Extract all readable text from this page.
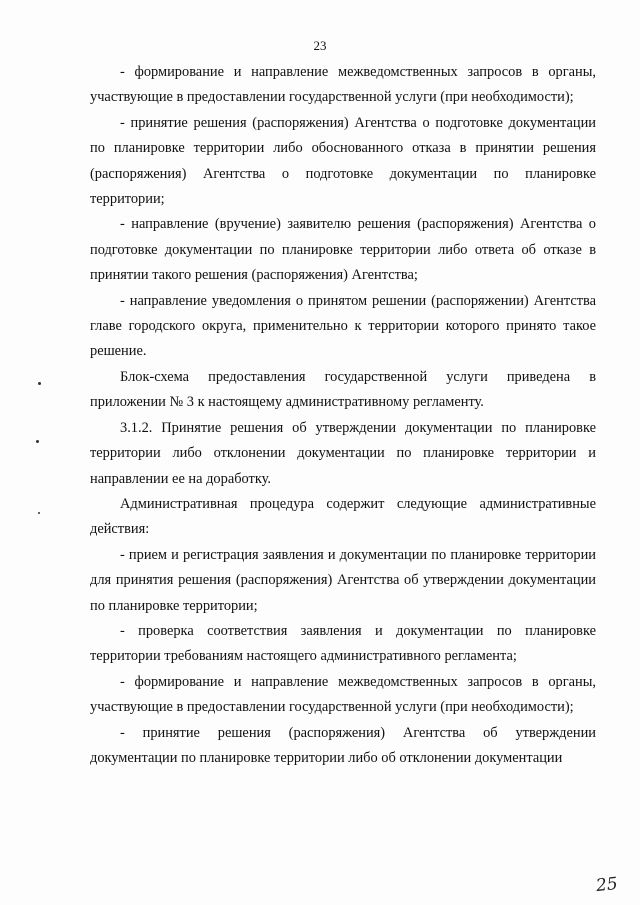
23

- формирование и направление межведомственных запросов в органы, участвующие в предоставлении государственной услуги (при необходимости);

- принятие решения (распоряжения) Агентства о подготовке документации по планировке территории либо обоснованного отказа в принятии решения (распоряжения) Агентства о подготовке документации по планировке территории;

- направление (вручение) заявителю решения (распоряжения) Агентства о подготовке документации по планировке территории либо ответа об отказе в принятии такого решения (распоряжения) Агентства;

- направление уведомления о принятом решении (распоряжении) Агентства главе городского округа, применительно к территории которого принято такое решение.

Блок-схема предоставления государственной услуги приведена в приложении № 3 к настоящему административному регламенту.

3.1.2. Принятие решения об утверждении документации по планировке территории либо отклонении документации по планировке территории и направлении ее на доработку.

Административная процедура содержит следующие административные действия:

- прием и регистрация заявления и документации по планировке территории для принятия решения (распоряжения) Агентства об утверждении документации по планировке территории;

- проверка соответствия заявления и документации по планировке территории требованиям настоящего административного регламента;

- формирование и направление межведомственных запросов в органы, участвующие в предоставлении государственной услуги (при необходимости);

- принятие решения (распоряжения) Агентства об утверждении документации по планировке территории либо об отклонении документации

25
